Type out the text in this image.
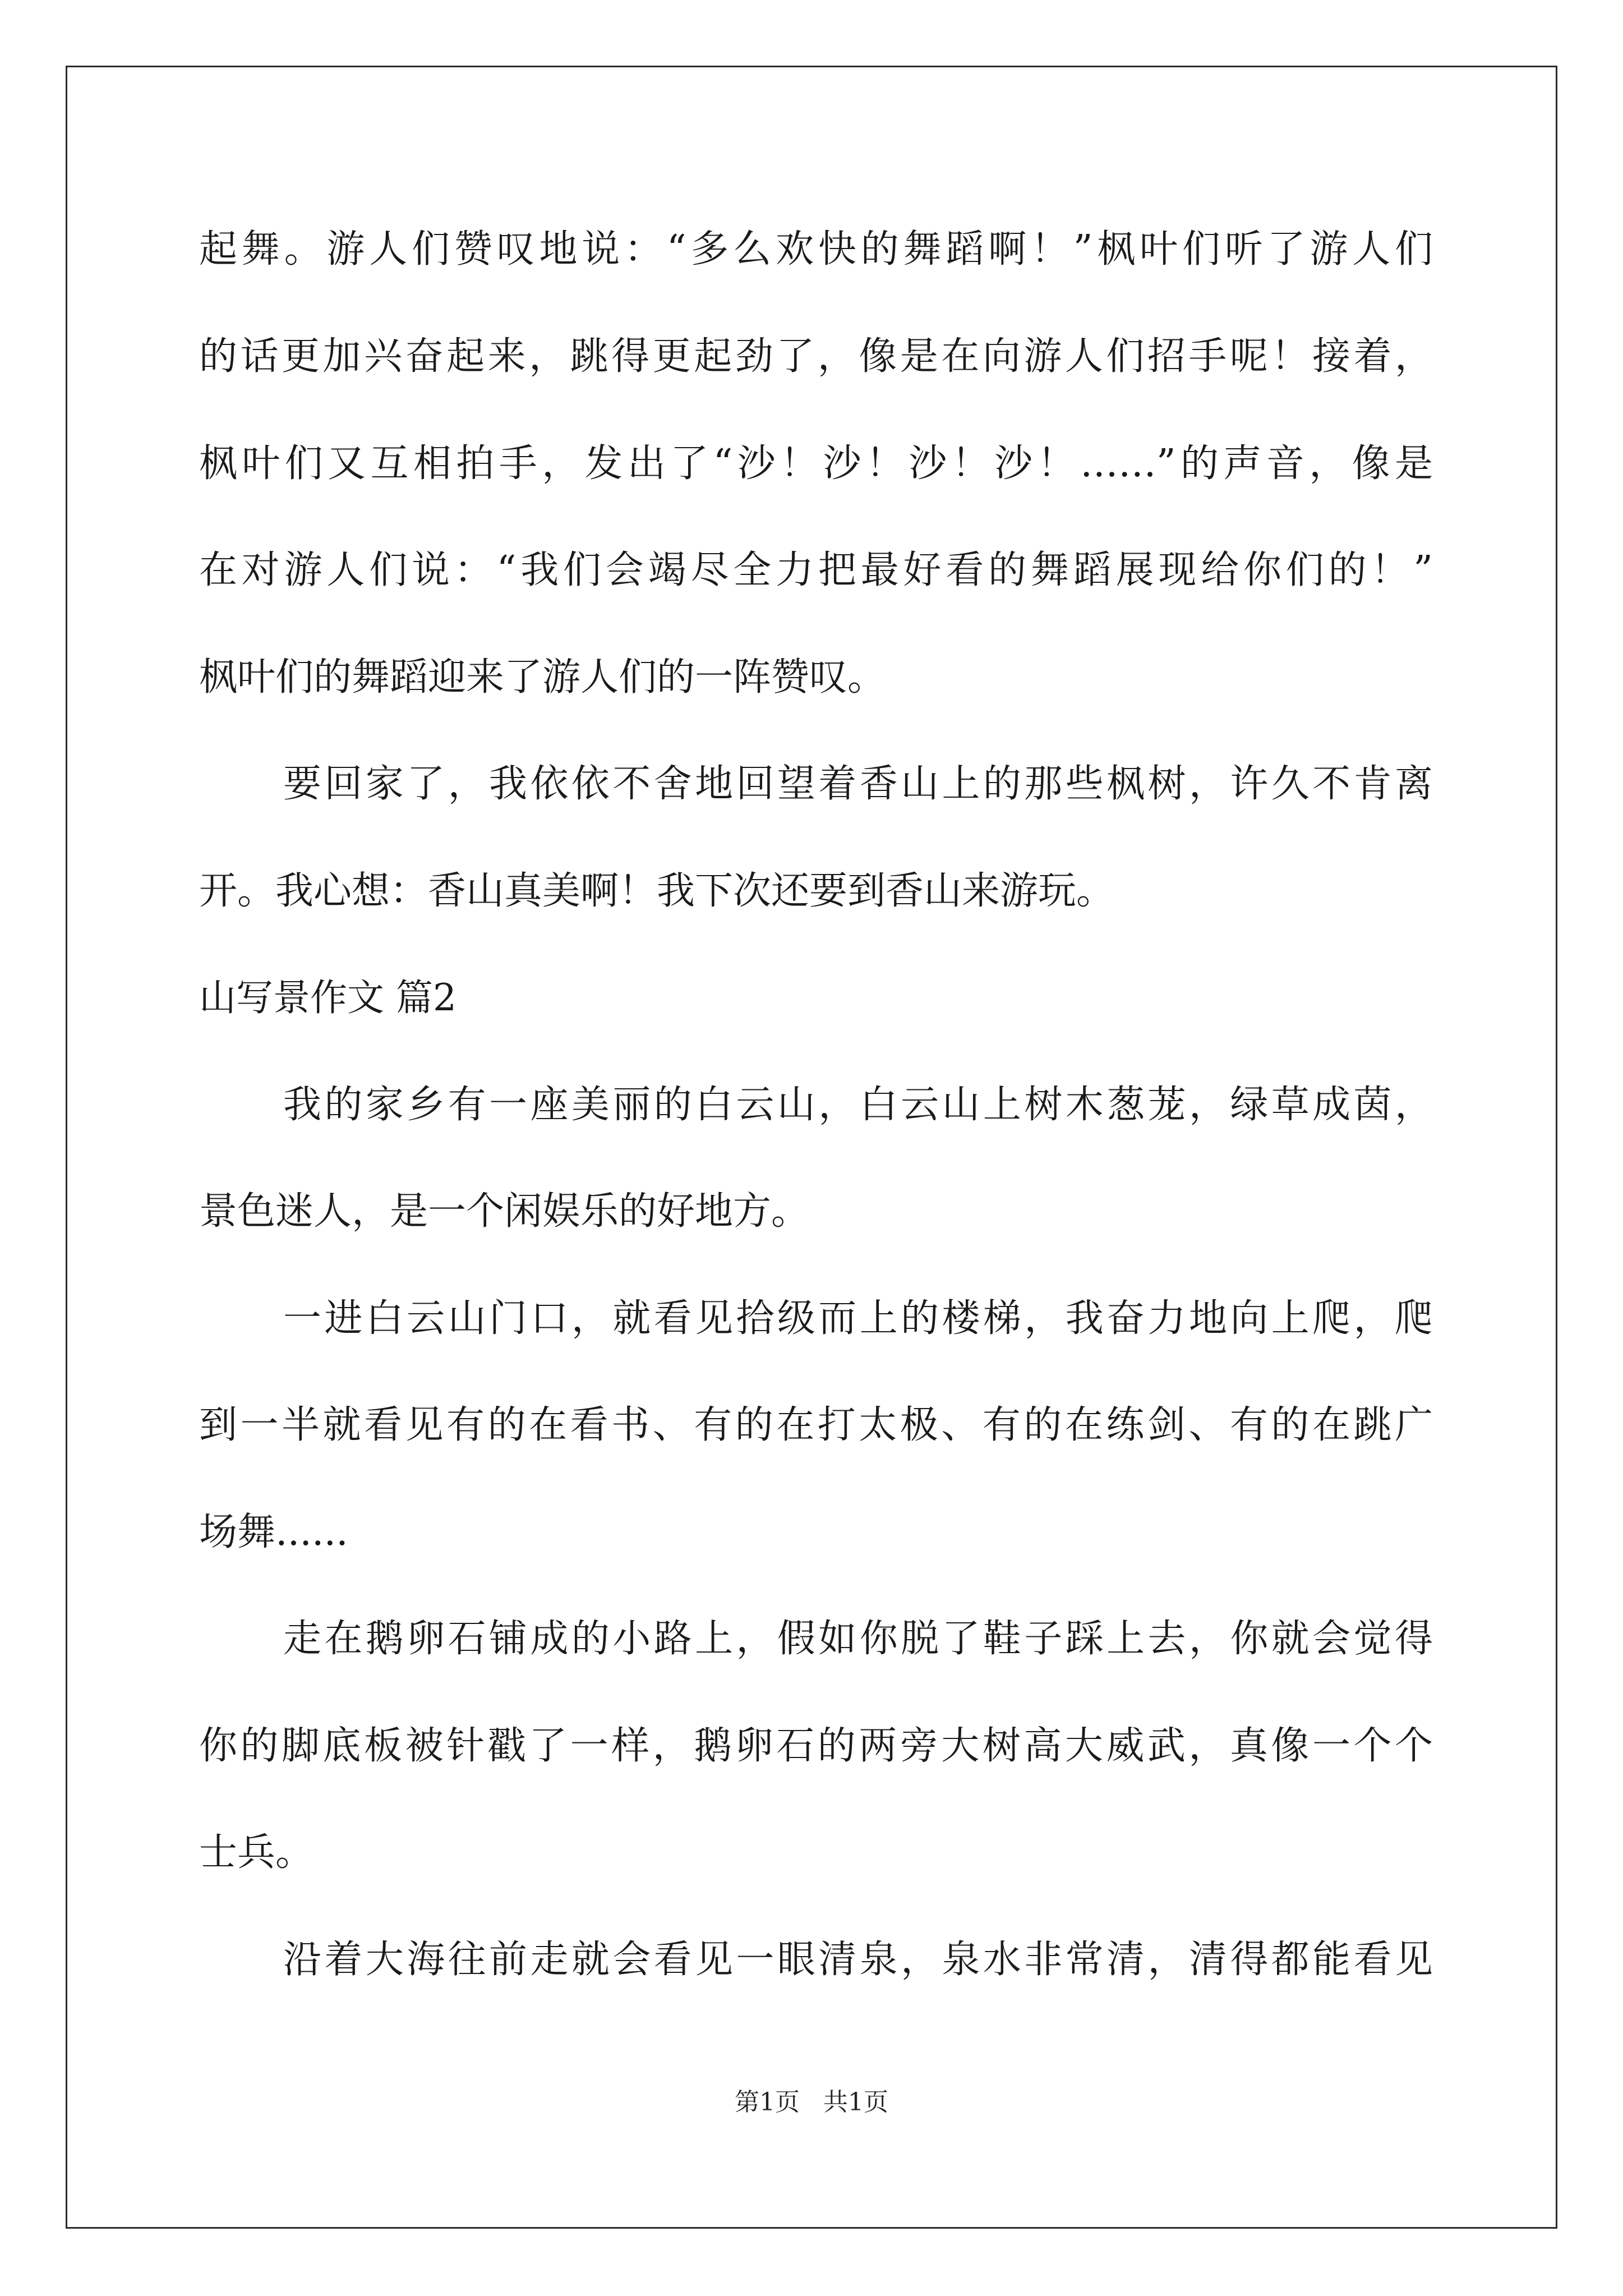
起舞。游人们赞叹地说：“多么欢快的舞蹈啊！”枫叶们听了游人们
的话更加兴奋起来，跳得更起劲了，像是在向游人们招手呢！接着，
枫叶们又互相拍手，发出了“沙！沙！沙！沙！……”的声音，像是
在对游人们说：“我们会竭尽全力把最好看的舞蹈展现给你们的！”
枫叶们的舞蹈迎来了游人们的一阵赞叹。
要回家了，我依依不舍地回望着香山上的那些枫树，许久不肯离
开。我心想：香山真美啊！我下次还要到香山来游玩。
山写景作文 篇2
我的家乡有一座美丽的白云山，白云山上树木葱茏，绿草成茵，
景色迷人，是一个闲娱乐的好地方。
一进白云山门口，就看见拾级而上的楼梯，我奋力地向上爬，爬
到一半就看见有的在看书、有的在打太极、有的在练剑、有的在跳广
场舞......
走在鹅卵石铺成的小路上，假如你脱了鞋子踩上去，你就会觉得
你的脚底板被针戳了一样，鹅卵石的两旁大树高大威武，真像一个个
士兵。
沿着大海往前走就会看见一眼清泉，泉水非常清，清得都能看见
第1页 共1页
